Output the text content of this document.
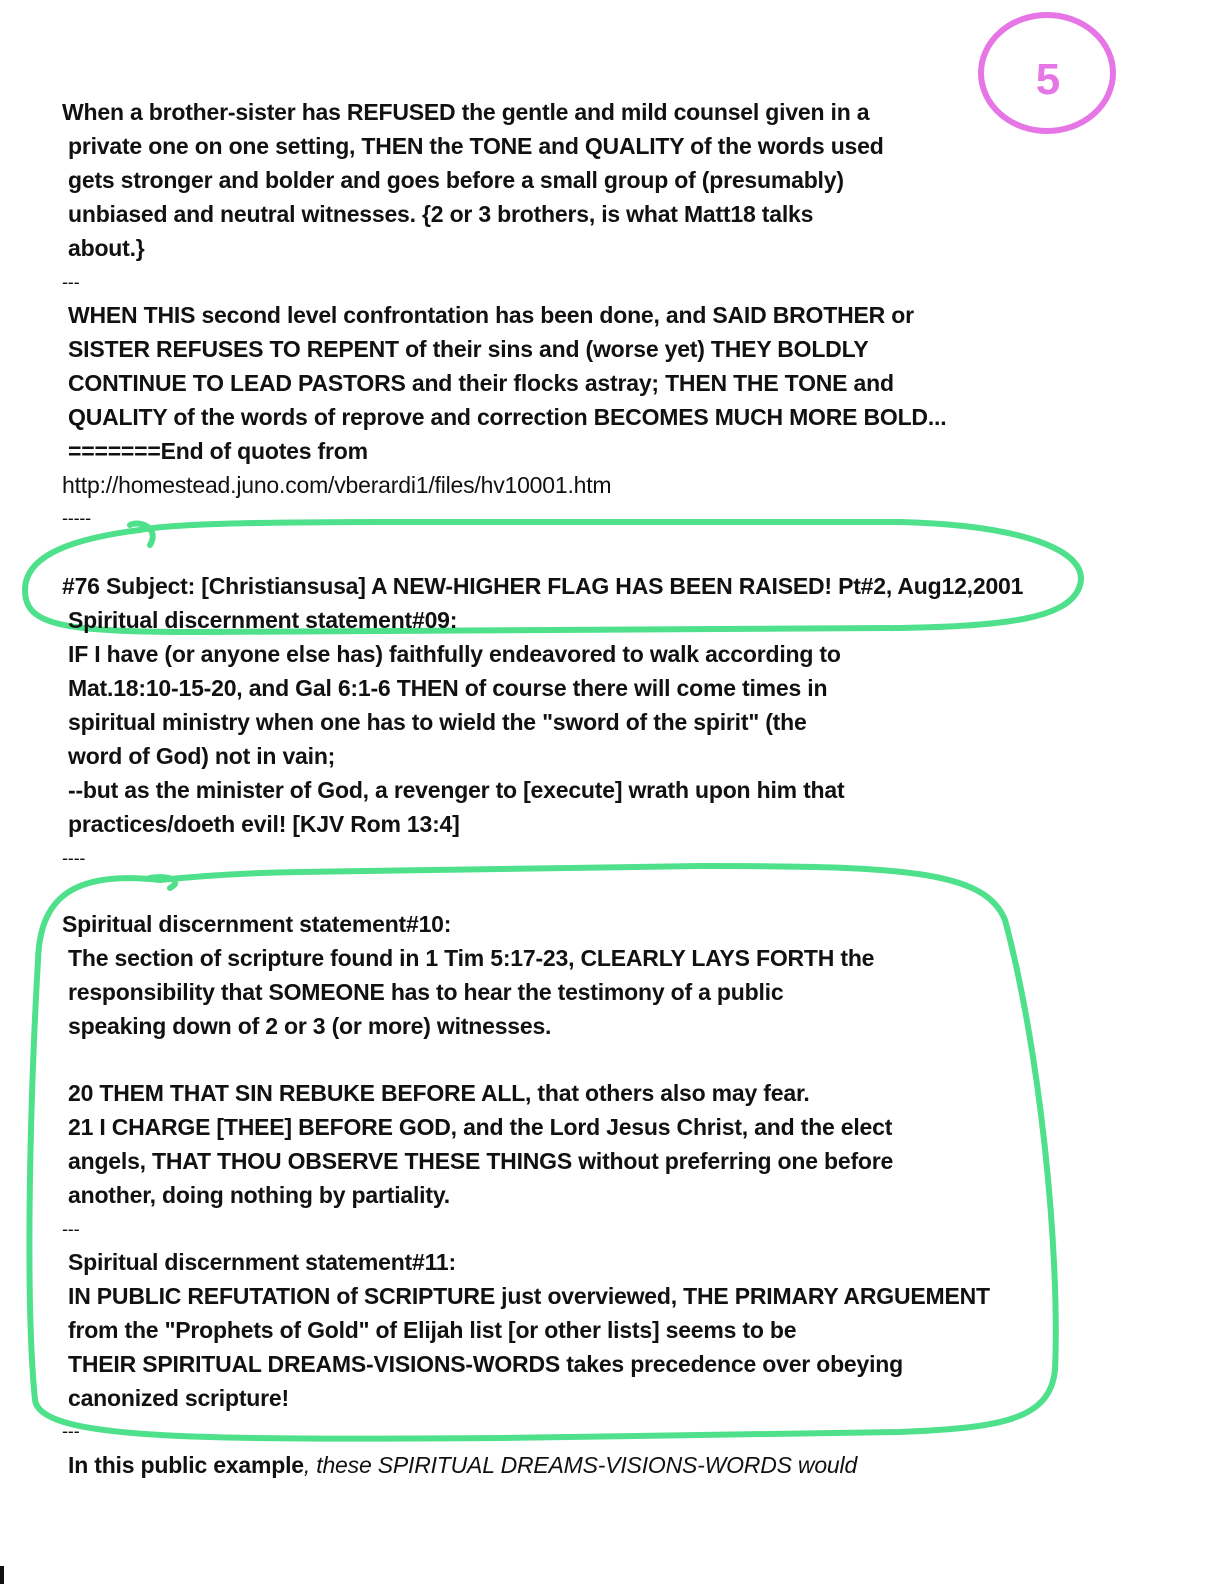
5
When a brother-sister has REFUSED the gentle and mild counsel given in a
private one on one setting, THEN the TONE and QUALITY of the words used
gets stronger and bolder and goes before a small group of (presumably)
unbiased and neutral witnesses. {2 or 3 brothers, is what Matt18 talks
about.}
---
WHEN THIS second level confrontation has been done, and SAID BROTHER or
SISTER REFUSES TO REPENT of their sins and (worse yet) THEY BOLDLY
CONTINUE TO LEAD PASTORS and their flocks astray; THEN THE TONE and
QUALITY of the words of reprove and correction BECOMES MUCH MORE BOLD...
=======End of quotes from
http://homestead.juno.com/vberardi1/files/hv10001.htm
-----
#76 Subject: [Christiansusa] A NEW-HIGHER FLAG HAS BEEN RAISED! Pt#2, Aug12,2001
Spiritual discernment statement#09:
IF I have (or anyone else has) faithfully endeavored to walk according to
Mat.18:10-15-20, and Gal 6:1-6 THEN of course there will come times in
spiritual ministry when one has to wield the "sword of the spirit" (the
word of God) not in vain;
--but as the minister of God, a revenger to [execute] wrath upon him that
practices/doeth evil! [KJV Rom 13:4]
----
Spiritual discernment statement#10:
The section of scripture found in 1 Tim 5:17-23, CLEARLY LAYS FORTH the
responsibility that SOMEONE has to hear the testimony of a public
speaking down of 2 or 3 (or more) witnesses.
20 THEM THAT SIN REBUKE BEFORE ALL, that others also may fear.
21 I CHARGE [THEE] BEFORE GOD, and the Lord Jesus Christ, and the elect
angels, THAT THOU OBSERVE THESE THINGS without preferring one before
another, doing nothing by partiality.
---
Spiritual discernment statement#11:
IN PUBLIC REFUTATION of SCRIPTURE just overviewed, THE PRIMARY ARGUEMENT
from the "Prophets of Gold" of Elijah list [or other lists] seems to be
THEIR SPIRITUAL DREAMS-VISIONS-WORDS takes precedence over obeying
canonized scripture!
---
In this public example, these SPIRITUAL DREAMS-VISIONS-WORDS would
